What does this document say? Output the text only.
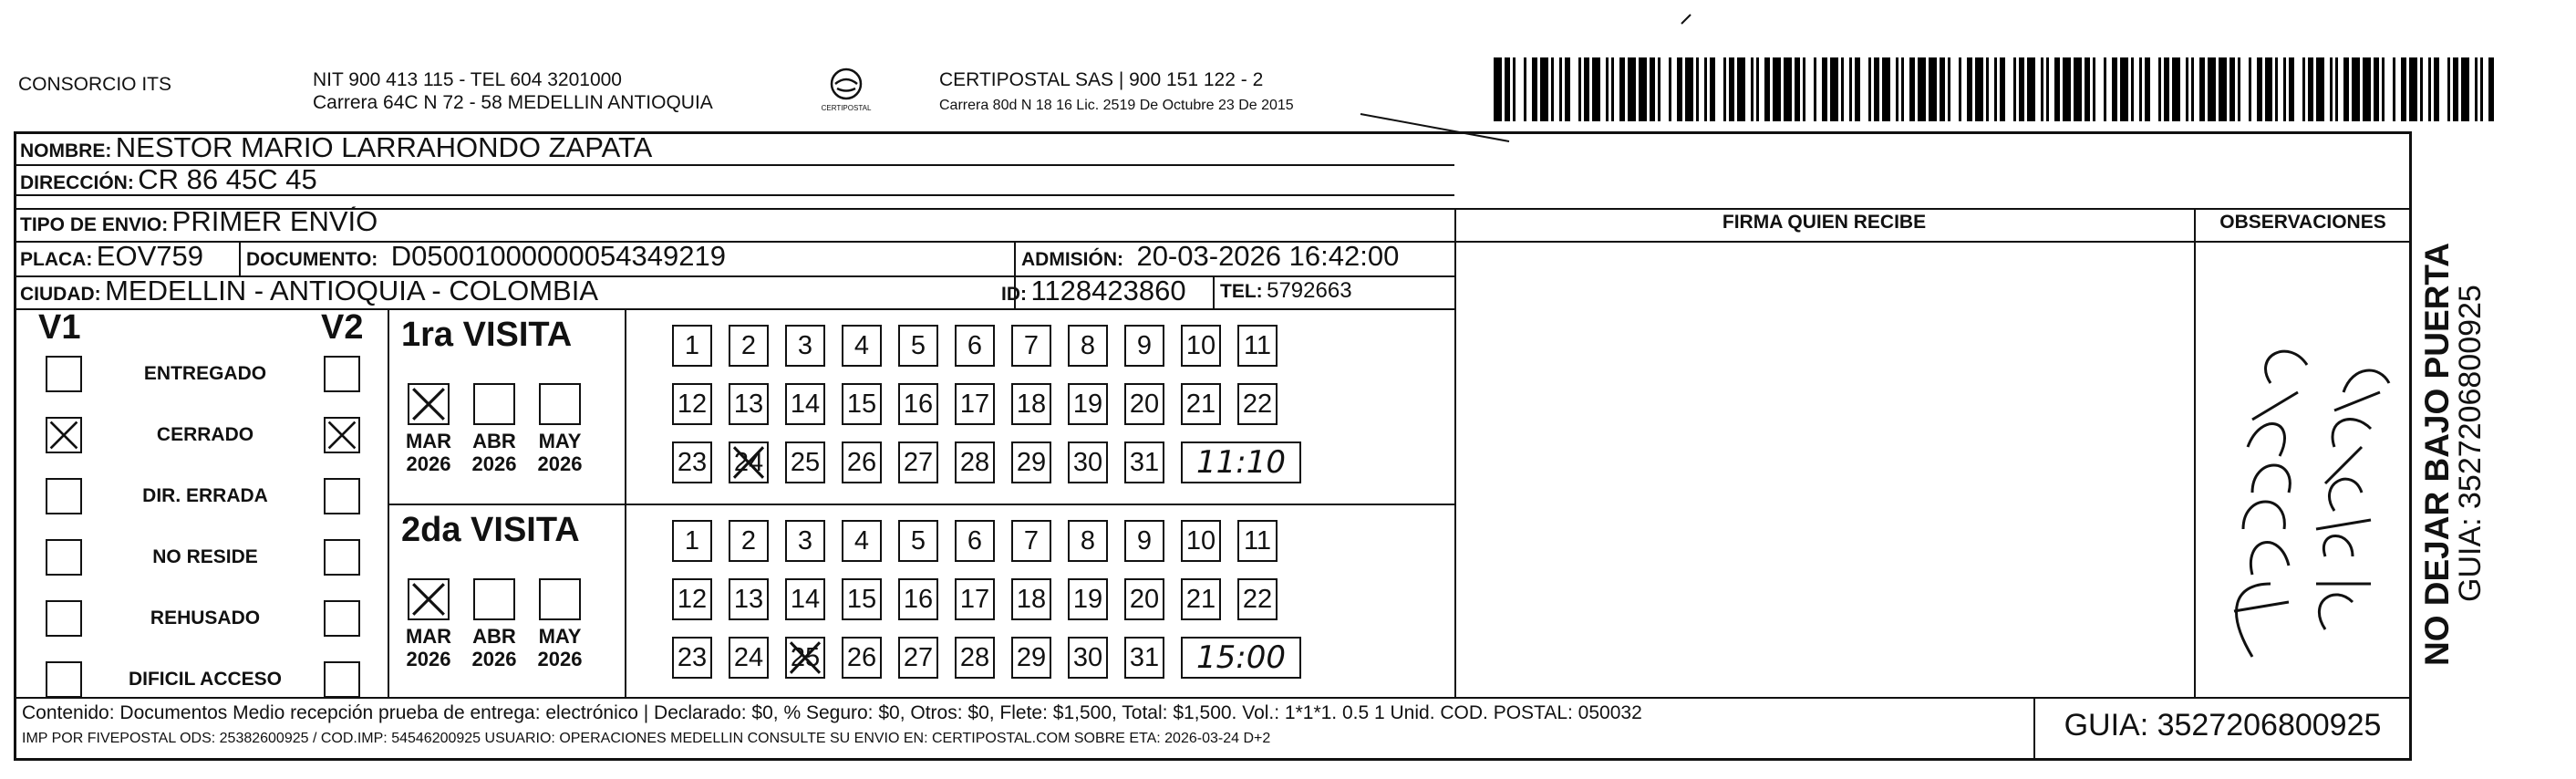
CONSORCIO ITS	NIT 900 413 115 - TEL 604 3201000
Carrera 64C N 72 - 58 MEDELLIN ANTIOQUIA	CERTIPOSTAL
CERTIPOSTAL SAS | 900 151 122 - 2
Carrera 80d N 18 16 Lic. 2519 De Octubre 23 De 2015
NOMBRE: NESTOR MARIO LARRAHONDO ZAPATA
DIRECCIÓN: CR 86 45C 45
TIPO DE ENVIO: PRIMER ENVÍO
PLACA: EOV759 DOCUMENTO: D05001000000054349219	ADMISIÓN: 20-03-2026 16:42:00
CIUDAD: MEDELLIN - ANTIOQUIA - COLOMBIA	ID: 1128423860 TEL: 5792663
FIRMA QUIEN RECIBE	OBSERVACIONES
V1	V2
ENTREGADO
CERRADO
DIR. ERRADA
NO RESIDE
REHUSADO
DIFICIL ACCESO
1ra VISITA
MAR
2026
ABR
2026
MAY
2026
1	2	3	4	5	6	7	8	9	10 11
12 13 14 15 16 17 18 19 20 21 22
23 24 25 26 27 28 29 30 31	11:10
2da VISITA
MAR
2026
ABR
2026
MAY
2026
1	2	3	4	5	6	7	8	9	10 11
12 13 14 15 16 17 18 19 20 21 22
23 24 25 26 27 28 29 30 31	15:00
Contenido: Documentos Medio recepción prueba de entrega: electrónico | Declarado: $0, % Seguro: $0, Otros: $0, Flete: $1,500, Total: $1,500. Vol.: 1*1*1. 0.5 1 Unid. COD. POSTAL: 050032
IMP POR FIVEPOSTAL ODS: 25382600925 / COD.IMP: 54546200925 USUARIO: OPERACIONES MEDELLIN CONSULTE SU ENVIO EN: CERTIPOSTAL.COM SOBRE ETA: 2026-03-24 D+2	GUIA: 3527206800925
NO DEJAR BAJO PUERTA
GUIA: 3527206800925
